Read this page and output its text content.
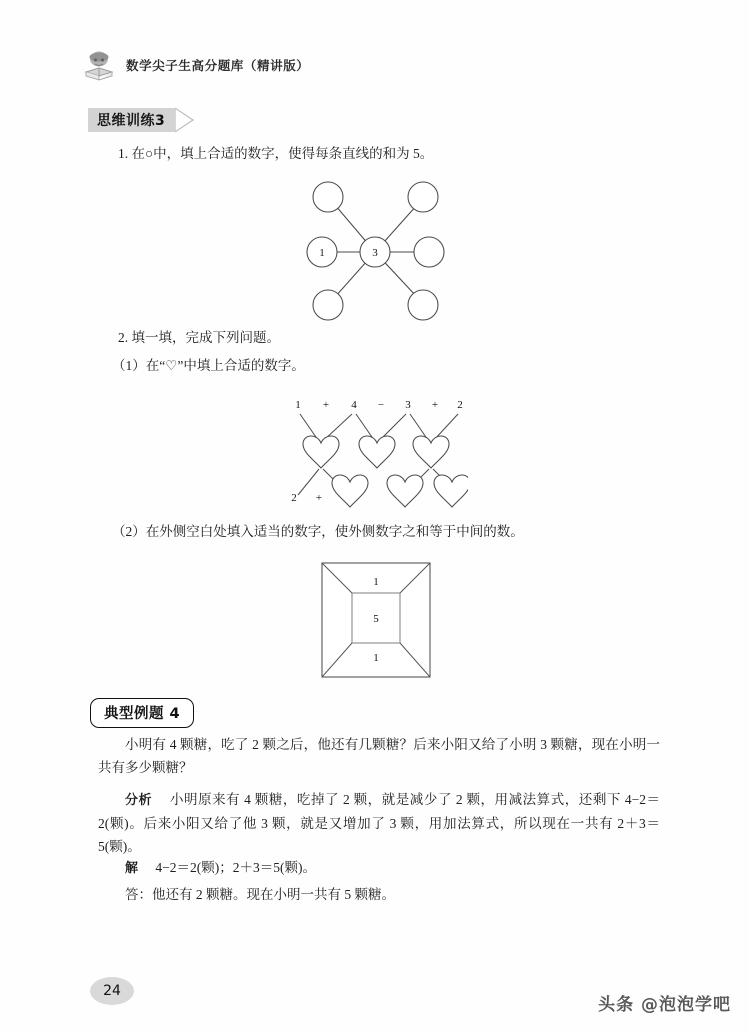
数学尖子生高分题库（精讲版）
思维训练3
1. 在○中，填上合适的数字，使得每条直线的和为 5。
1	3
2. 填一填，完成下列问题。
（1）在“♡”中填上合适的数字。
1 + 4 − 3 + 2
2 +
（2）在外侧空白处填入适当的数字，使外侧数字之和等于中间的数。
1
5
1
典型例题 4
小明有 4 颗糖，吃了 2 颗之后，他还有几颗糖？后来小阳又给了小明 3 颗糖，现在小明一共有多少颗糖？
分析 小明原来有 4 颗糖，吃掉了 2 颗，就是减少了 2 颗，用减法算式，还剩下 4−2＝2(颗)。后来小阳又给了他 3 颗，就是又增加了 3 颗，用加法算式，所以现在一共有 2＋3＝5(颗)。
解 4−2＝2(颗)；2＋3＝5(颗)。
答：他还有 2 颗糖。现在小明一共有 5 颗糖。
24
头条 @泡泡学吧
